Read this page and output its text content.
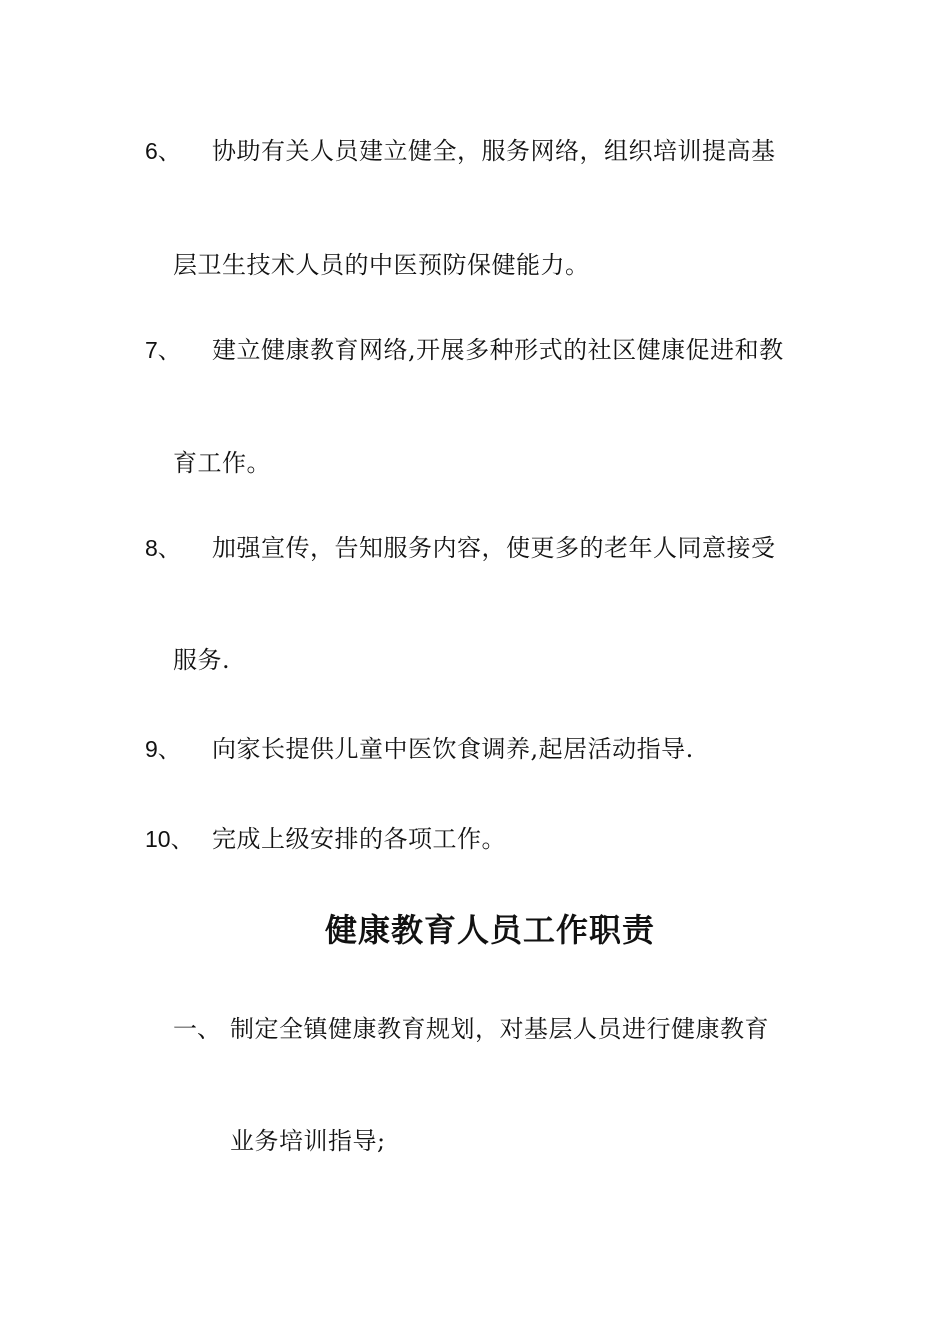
6、 协助有关人员建立健全，服务网络，组织培训提高基
层卫生技术人员的中医预防保健能力。
7、 建立健康教育网络,开展多种形式的社区健康促进和教
育工作。
8、 加强宣传，告知服务内容，使更多的老年人同意接受
服务.
9、 向家长提供儿童中医饮食调养,起居活动指导.
10、 完成上级安排的各项工作。
健康教育人员工作职责
一、 制定全镇健康教育规划，对基层人员进行健康教育
业务培训指导;
